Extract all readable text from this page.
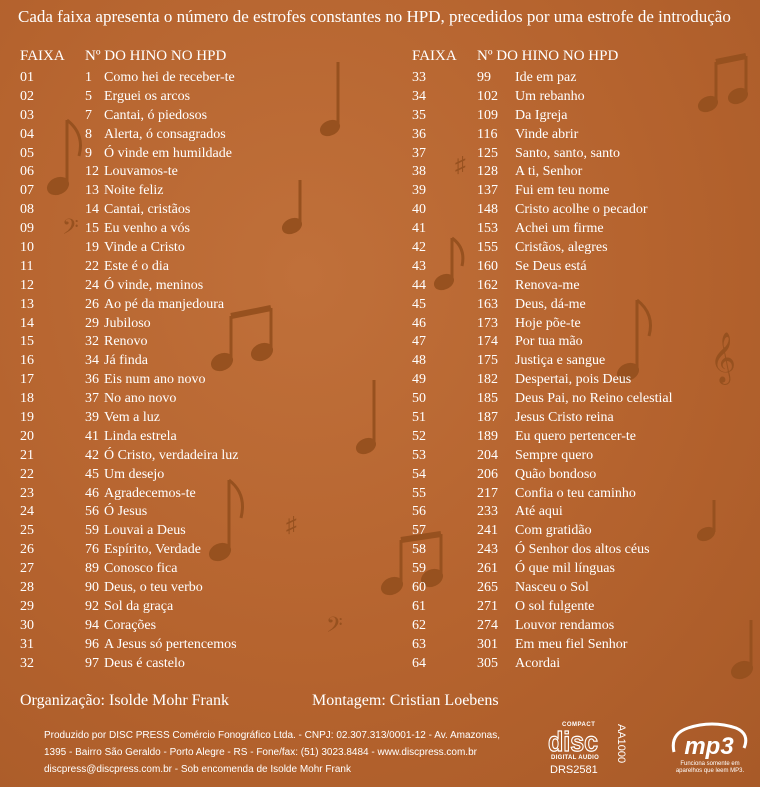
𝄢
♯
𝄞
♯
𝄢
Cada faixa apresenta o número de estrofes constantes no HPD, precedidos por uma estrofe de introdução
FAIXA	Nº DO HINO NO HPD
01	1 Como hei de receber-te
02	5 Erguei os arcos
03	7 Cantai, ó piedosos
04	8 Alerta, ó consagrados
05	9 Ó vinde em humildade
06	12 Louvamos-te
07	13 Noite feliz
08	14 Cantai, cristãos
09	15 Eu venho a vós
10	19 Vinde a Cristo
11	22 Este é o dia
12	24 Ó vinde, meninos
13	26 Ao pé da manjedoura
14	29 Jubiloso
15	32 Renovo
16	34 Já finda
17	36 Eis num ano novo
18	37 No ano novo
19	39 Vem a luz
20	41 Linda estrela
21	42 Ó Cristo, verdadeira luz
22	45 Um desejo
23	46 Agradecemos-te
24	56 Ó Jesus
25	59 Louvai a Deus
26	76 Espírito, Verdade
27	89 Conosco fica
28	90 Deus, o teu verbo
29	92 Sol da graça
30	94 Corações
31	96 A Jesus só pertencemos
32	97 Deus é castelo
FAIXA	Nº DO HINO NO HPD
33	99	Ide em paz
34	102	Um rebanho
35	109	Da Igreja
36	116	Vinde abrir
37	125	Santo, santo, santo
38	128	A ti, Senhor
39	137	Fui em teu nome
40	148	Cristo acolhe o pecador
41	153	Achei um firme
42	155	Cristãos, alegres
43	160	Se Deus está
44	162	Renova-me
45	163	Deus, dá-me
46	173	Hoje põe-te
47	174	Por tua mão
48	175	Justiça e sangue
49	182	Despertai, pois Deus
50	185	Deus Pai, no Reino celestial
51	187	Jesus Cristo reina
52	189	Eu quero pertencer-te
53	204	Sempre quero
54	206	Quão bondoso
55	217	Confia o teu caminho
56	233	Até aqui
57	241	Com gratidão
58	243	Ó Senhor dos altos céus
59	261	Ó que mil línguas
60	265	Nasceu o Sol
61	271	O sol fulgente
62	274	Louvor rendamos
63	301	Em meu fiel Senhor
64	305	Acordai
Organização: Isolde Mohr Frank	Montagem: Cristian Loebens
Produzido por DISC PRESS Comércio Fonográfico Ltda. - CNPJ: 02.307.313/0001-12 - Av. Amazonas,
1395 - Bairro São Geraldo - Porto Alegre - RS - Fone/fax: (51) 3023.8484 - www.discpress.com.br
discpress@discpress.com.br - Sob encomenda de Isolde Mohr Frank
COMPACT
disc
DIGITAL AUDIO
DRS2581
AA1000 mp3
Funciona somente em
aparelhos que leem MP3.
